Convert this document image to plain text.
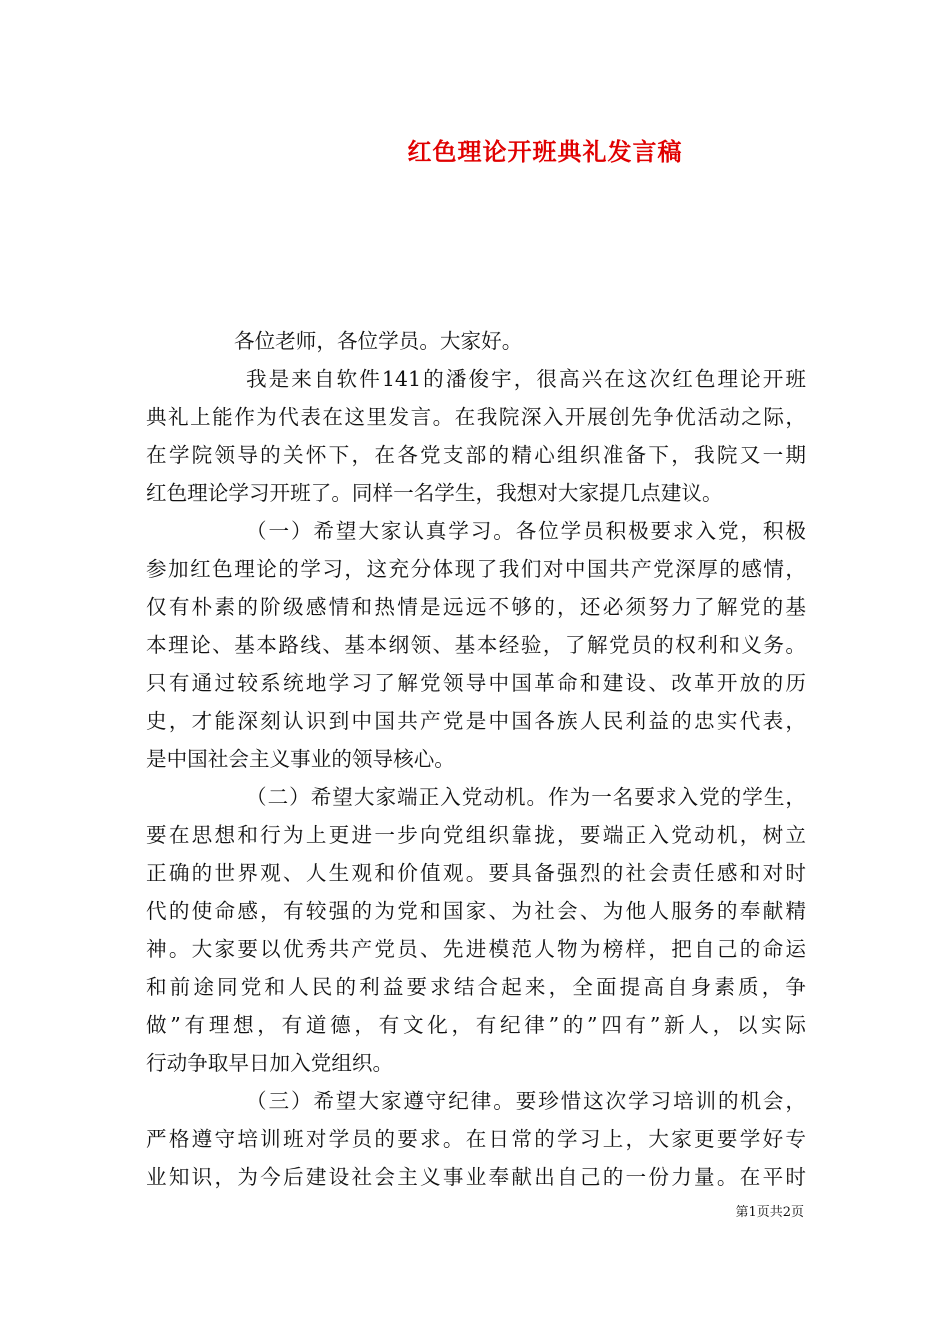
红色理论开班典礼发言稿
各位老师，各位学员。大家好。
我是来自软件141的潘俊宇，很高兴在这次红色理论开班
典礼上能作为代表在这里发言。在我院深入开展创先争优活动之际，
在学院领导的关怀下，在各党支部的精心组织准备下，我院又一期
红色理论学习开班了。同样一名学生，我想对大家提几点建议。
（一）希望大家认真学习。各位学员积极要求入党，积极
参加红色理论的学习，这充分体现了我们对中国共产党深厚的感情，
仅有朴素的阶级感情和热情是远远不够的，还必须努力了解党的基
本理论、基本路线、基本纲领、基本经验，了解党员的权利和义务。
只有通过较系统地学习了解党领导中国革命和建设、改革开放的历
史，才能深刻认识到中国共产党是中国各族人民利益的忠实代表，
是中国社会主义事业的领导核心。
（二）希望大家端正入党动机。作为一名要求入党的学生，
要在思想和行为上更进一步向党组织靠拢，要端正入党动机，树立
正确的世界观、人生观和价值观。要具备强烈的社会责任感和对时
代的使命感，有较强的为党和国家、为社会、为他人服务的奉献精
神。大家要以优秀共产党员、先进模范人物为榜样，把自己的命运
和前途同党和人民的利益要求结合起来，全面提高自身素质，争
做”有理想，有道德，有文化，有纪律”的”四有”新人，以实际
行动争取早日加入党组织。
（三）希望大家遵守纪律。要珍惜这次学习培训的机会，
严格遵守培训班对学员的要求。在日常的学习上，大家更要学好专
业知识，为今后建设社会主义事业奉献出自己的一份力量。在平时
第1页共2页
